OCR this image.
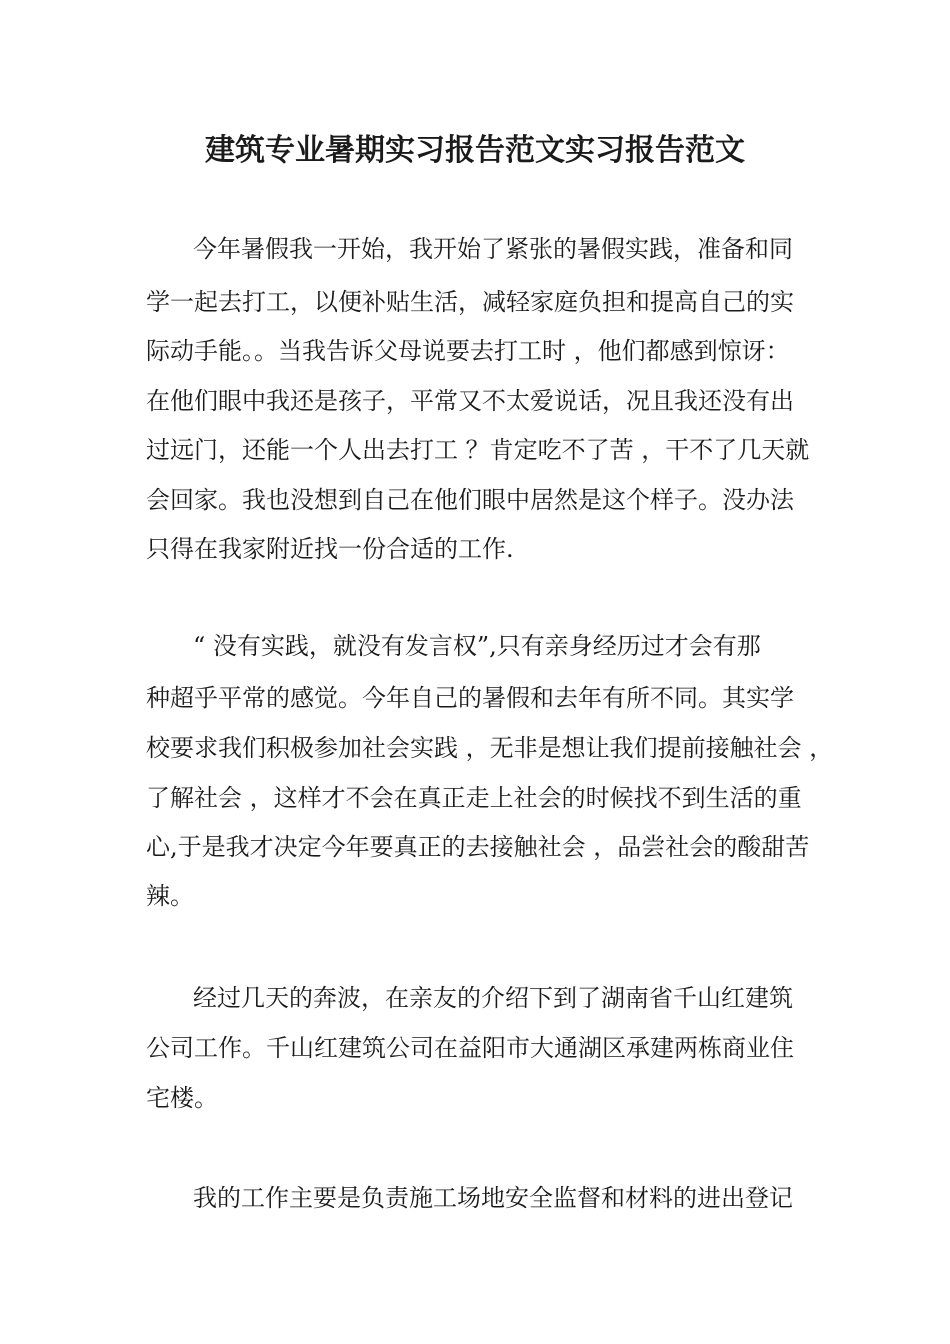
建筑专业暑期实习报告范文实习报告范文

今年暑假我一开始，我开始了紧张的暑假实践，准备和同

学一起去打工，以便补贴生活，减轻家庭负担和提高自己的实

际动手能。。当我告诉父母说要去打工时 ，他们都感到惊讶：

在他们眼中我还是孩子，平常又不太爱说话，况且我还没有出

过远门，还能一个人出去打工 ？肯定吃不了苦 ，干不了几天就

会回家。我也没想到自己在他们眼中居然是这个样子。没办法

只得在我家附近找一份合适的工作.

“ 没有实践，就没有发言权”,只有亲身经历过才会有那

种超乎平常的感觉。今年自己的暑假和去年有所不同。其实学

校要求我们积极参加社会实践 ，无非是想让我们提前接触社会 ，

了解社会 ，这样才不会在真正走上社会的时候找不到生活的重

心,于是我才决定今年要真正的去接触社会 ，品尝社会的酸甜苦

辣。

经过几天的奔波，在亲友的介绍下到了湖南省千山红建筑

公司工作。千山红建筑公司在益阳市大通湖区承建两栋商业住

宅楼。

我的工作主要是负责施工场地安全监督和材料的进出登记
